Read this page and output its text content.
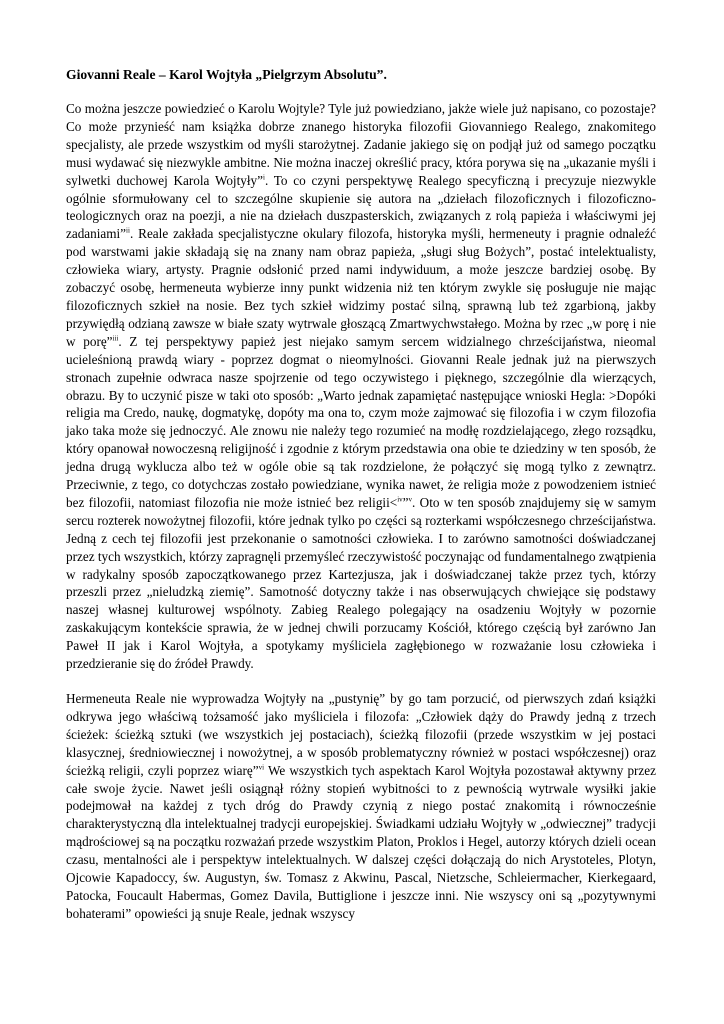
Giovanni Reale – Karol Wojtyła „Pielgrzym Absolutu”.

Co można jeszcze powiedzieć o Karolu Wojtyle? Tyle już powiedziano, jakże wiele już napisano, co pozostaje? Co może przynieść nam książka dobrze znanego historyka filozofii Giovanniego Realego, znakomitego specjalisty, ale przede wszystkim od myśli starożytnej. Zadanie jakiego się on podjął już od samego początku musi wydawać się niezwykle ambitne. Nie można inaczej określić pracy, która porywa się na „ukazanie myśli i sylwetki duchowej Karola Wojtyły”$^i$. To co czyni perspektywę Realego specyficzną i precyzuje niezwykle ogólnie sformułowany cel to szczególne skupienie się autora na „dziełach filozoficznych i filozoficzno-teologicznych oraz na poezji, a nie na dziełach duszpasterskich, związanych z rolą papieża i właściwymi jej zadaniami”$^{ii}$. Reale zakłada specjalistyczne okulary filozofa, historyka myśli, hermeneuty i pragnie odnaleźć pod warstwami jakie składają się na znany nam obraz papieża, „sługi sług Bożych”, postać intelektualisty, człowieka wiary, artysty. Pragnie odsłonić przed nami indywiduum, a może jeszcze bardziej osobę. By zobaczyć osobę, hermeneuta wybierze inny punkt widzenia niż ten którym zwykle się posługuje nie mając filozoficznych szkieł na nosie. Bez tych szkieł widzimy postać silną, sprawną lub też zgarbioną, jakby przywiędłą odzianą zawsze w białe szaty wytrwale głoszącą Zmartwychwstałego. Można by rzec „w porę i nie w porę”$^{iii}$. Z tej perspektywy papież jest niejako samym sercem widzialnego chrześcijaństwa, nieomal ucieleśnioną prawdą wiary - poprzez dogmat o nieomylności. Giovanni Reale jednak już na pierwszych stronach zupełnie odwraca nasze spojrzenie od tego oczywistego i pięknego, szczególnie dla wierzących, obrazu. By to uczynić pisze w taki oto sposób: „Warto jednak zapamiętać następujące wnioski Hegla: >Dopóki religia ma Credo, naukę, dogmatykę, dopóty ma ona to, czym może zajmować się filozofia i w czym filozofia jako taka może się jednoczyć. Ale znowu nie należy tego rozumieć na modłę rozdzielającego, złego rozsądku, który opanował nowoczesną religijność i zgodnie z którym przedstawia ona obie te dziedziny w ten sposób, że jedna drugą wyklucza albo też w ogóle obie są tak rozdzielone, że połączyć się mogą tylko z zewnątrz. Przeciwnie, z tego, co dotychczas zostało powiedziane, wynika nawet, że religia może z powodzeniem istnieć bez filozofii, natomiast filozofia nie może istnieć bez religii<$^{iv}$”$^v$. Oto w ten sposób znajdujemy się w samym sercu rozterek nowożytnej filozofii, które jednak tylko po części są rozterkami współczesnego chrześcijaństwa. Jedną z cech tej filozofii jest przekonanie o samotności człowieka. I to zarówno samotności doświadczanej przez tych wszystkich, którzy zapragnęli przemyśleć rzeczywistość poczynając od fundamentalnego zwątpienia w radykalny sposób zapoczątkowanego przez Kartezjusza, jak i doświadczanej także przez tych, którzy przeszli przez „nieludzką ziemię”. Samotność dotyczny także i nas obserwujących chwiejące się podstawy naszej własnej kulturowej wspólnoty. Zabieg Realego polegający na osadzeniu Wojtyły w pozornie zaskakującym kontekście sprawia, że w jednej chwili porzucamy Kościół, którego częścią był zarówno Jan Paweł II jak i Karol Wojtyła, a spotykamy myśliciela zagłębionego w rozważanie losu człowieka i przedzieranie się do źródeł Prawdy.

Hermeneuta Reale nie wyprowadza Wojtyły na „pustynię” by go tam porzucić, od pierwszych zdań książki odkrywa jego właściwą tożsamość jako myśliciela i filozofa: „Człowiek dąży do Prawdy jedną z trzech ścieżek: ścieżką sztuki (we wszystkich jej postaciach), ścieżką filozofii (przede wszystkim w jej postaci klasycznej, średniowiecznej i nowożytnej, a w sposób problematyczny również w postaci współczesnej) oraz ścieżką religii, czyli poprzez wiarę”$^{vi}$ We wszystkich tych aspektach Karol Wojtyła pozostawał aktywny przez całe swoje życie. Nawet jeśli osiągnął różny stopień wybitności to z pewnością wytrwale wysiłki jakie podejmował na każdej z tych dróg do Prawdy czynią z niego postać znakomitą i równocześnie charakterystyczną dla intelektualnej tradycji europejskiej. Świadkami udziału Wojtyły w „odwiecznej” tradycji mądrościowej są na początku rozważań przede wszystkim Platon, Proklos i Hegel, autorzy których dzieli ocean czasu, mentalności ale i perspektyw intelektualnych. W dalszej części dołączają do nich Arystoteles, Plotyn, Ojcowie Kapadoccy, św. Augustyn, św. Tomasz z Akwinu, Pascal, Nietzsche, Schleiermacher, Kierkegaard, Patocka, Foucault Habermas, Gomez Davila, Buttiglione i jeszcze inni. Nie wszyscy oni są „pozytywnymi bohaterami” opowieści ją snuje Reale, jednak wszyscy
